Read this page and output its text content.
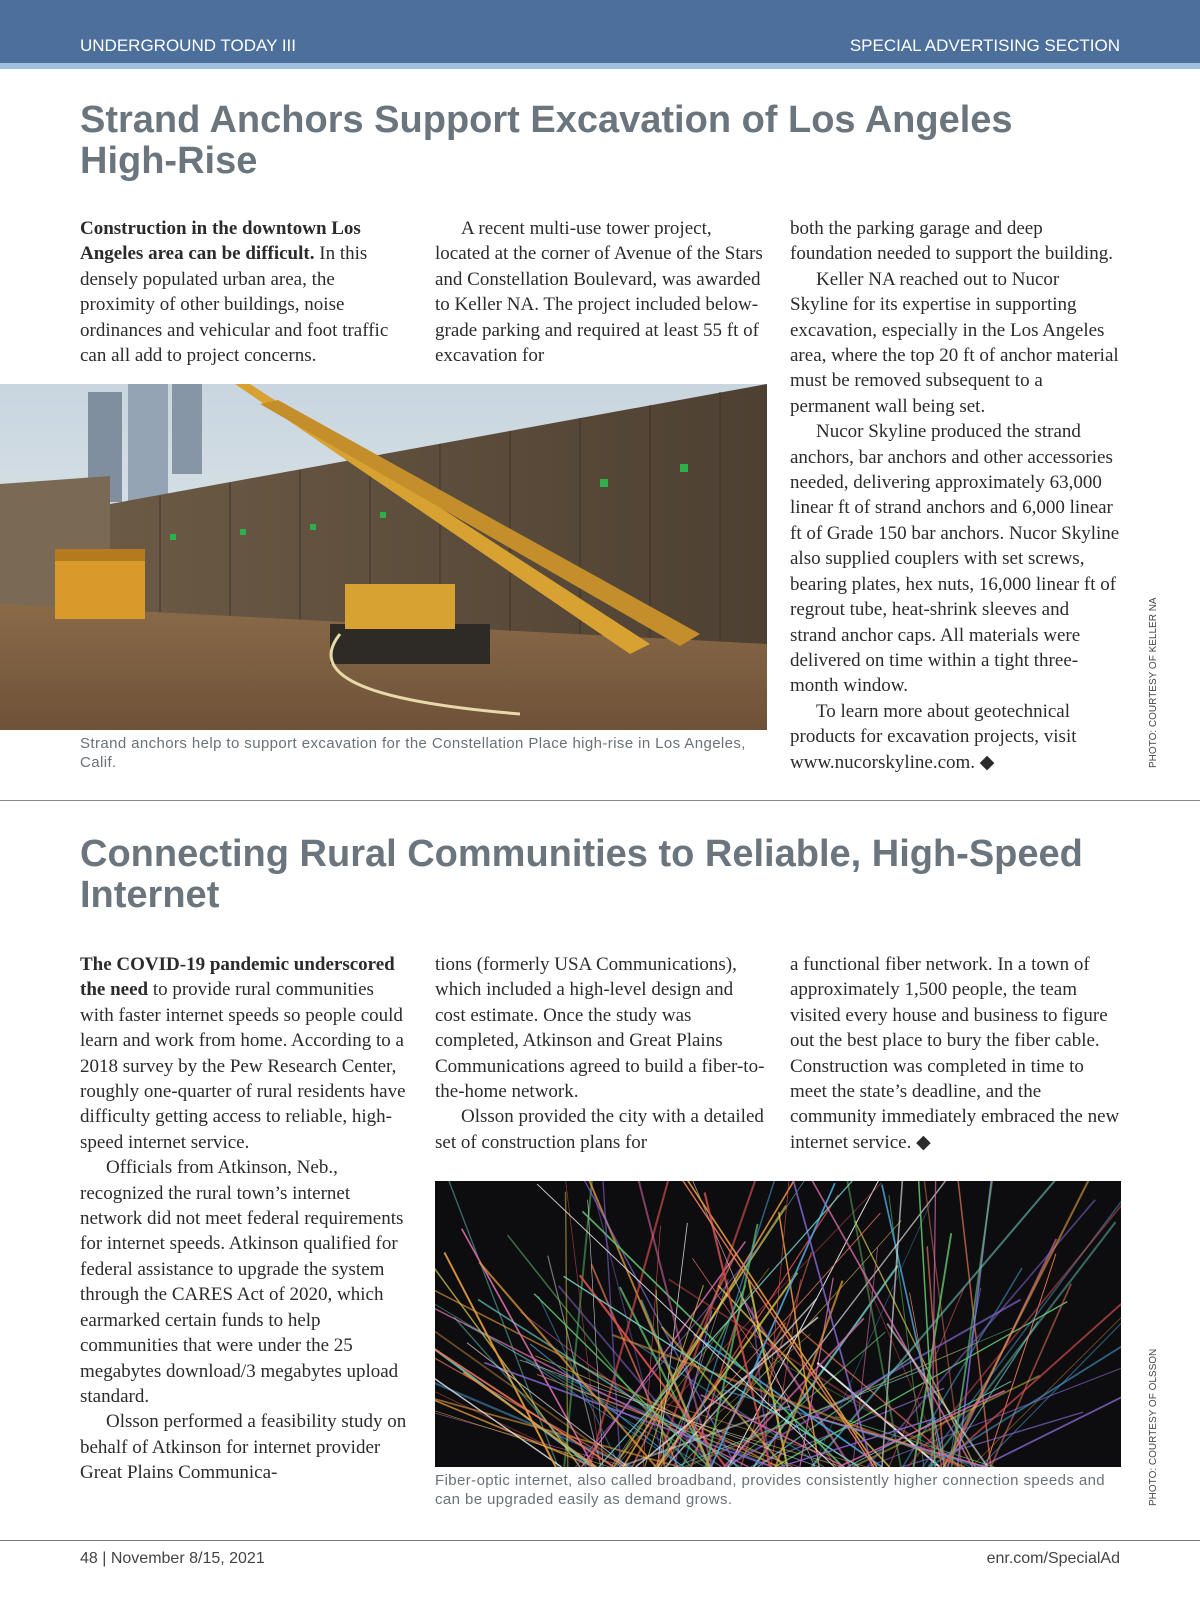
UNDERGROUND TODAY III	SPECIAL ADVERTISING SECTION
Strand Anchors Support Excavation of Los Angeles High-Rise

Construction in the downtown Los Angeles area can be difficult. In this densely populated urban area, the proximity of other buildings, noise ordinances and vehicular and foot traffic can all add to project concerns.

A recent multi-use tower project, located at the corner of Avenue of the Stars and Constellation Boulevard, was awarded to Keller NA. The project included below-grade parking and required at least 55 ft of excavation for

both the parking garage and deep foundation needed to support the building.

Keller NA reached out to Nucor Skyline for its expertise in supporting excavation, especially in the Los Angeles area, where the top 20 ft of anchor material must be removed subsequent to a permanent wall being set.

Nucor Skyline produced the strand anchors, bar anchors and other accessories needed, delivering approximately 63,000 linear ft of strand anchors and 6,000 linear ft of Grade 150 bar anchors. Nucor Skyline also supplied couplers with set screws, bearing plates, hex nuts, 16,000 linear ft of regrout tube, heat-shrink sleeves and strand anchor caps. All materials were delivered on time within a tight three-month window.

To learn more about geotechnical products for excavation projects, visit www.nucorskyline.com. ◆

Strand anchors help to support excavation for the Constellation Place high-rise in Los Angeles, Calif.	PHOTO: COURTESY OF KELLER NA
Connecting Rural Communities to Reliable, High-Speed Internet

The COVID-19 pandemic underscored the need to provide rural communities with faster internet speeds so people could learn and work from home. According to a 2018 survey by the Pew Research Center, roughly one-quarter of rural residents have difficulty getting access to reliable, high-speed internet service.

Officials from Atkinson, Neb., recognized the rural town’s internet network did not meet federal requirements for internet speeds. Atkinson qualified for federal assistance to upgrade the system through the CARES Act of 2020, which earmarked certain funds to help communities that were under the 25 megabytes download/3 megabytes upload standard.

Olsson performed a feasibility study on behalf of Atkinson for internet provider Great Plains Communica-

tions (formerly USA Communications), which included a high-level design and cost estimate. Once the study was completed, Atkinson and Great Plains Communications agreed to build a fiber-to-the-home network.

Olsson provided the city with a detailed set of construction plans for

a functional fiber network. In a town of approximately 1,500 people, the team visited every house and business to figure out the best place to bury the fiber cable. Construction was completed in time to meet the state’s deadline, and the community immediately embraced the new internet service. ◆

Fiber-optic internet, also called broadband, provides consistently higher connection speeds and can be upgraded easily as demand grows.	PHOTO: COURTESY OF OLSSON
48 | November 8/15, 2021	enr.com/SpecialAd
